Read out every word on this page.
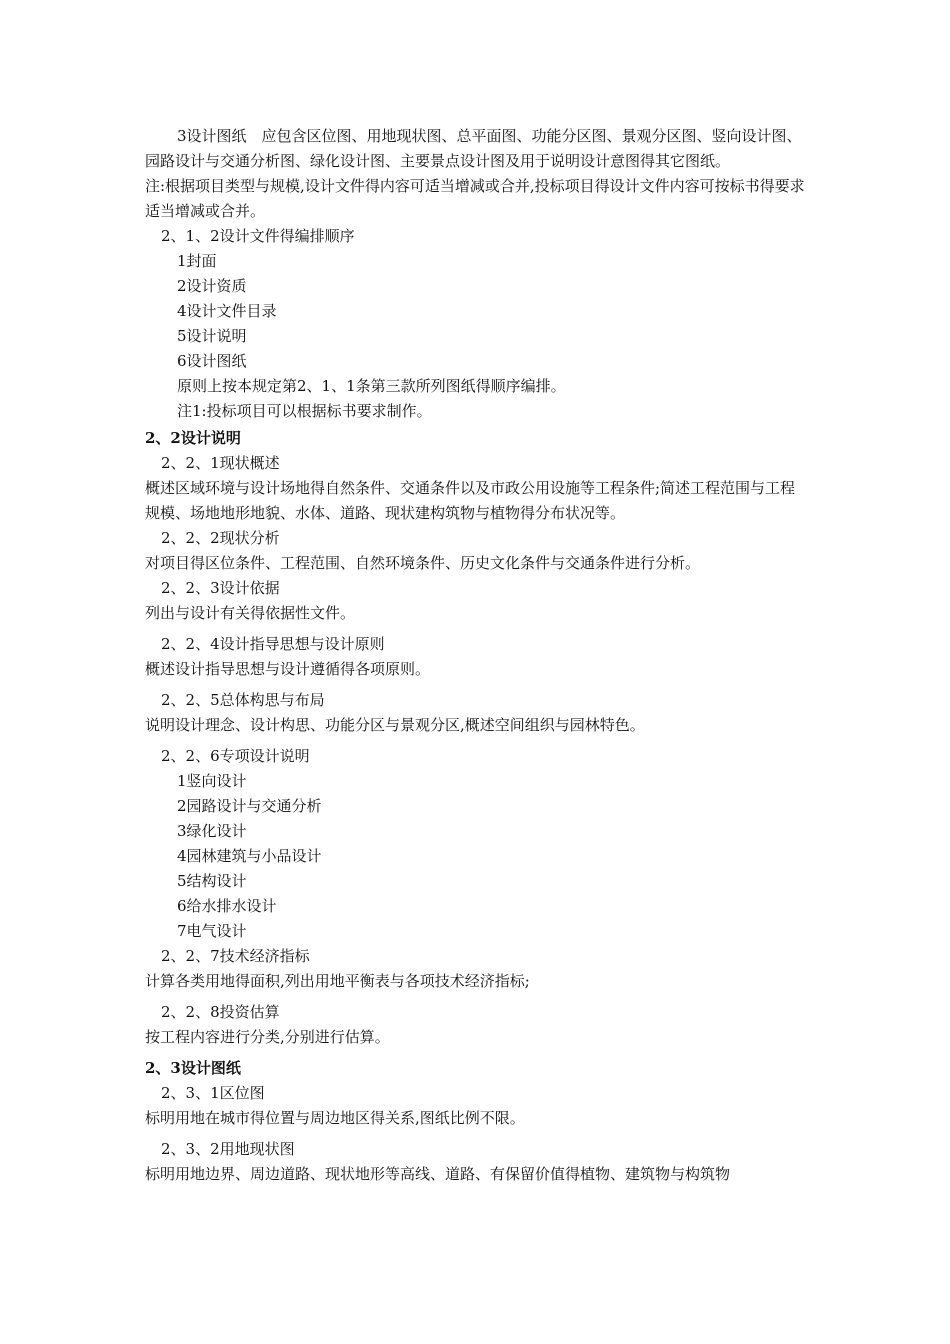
3设计图纸　应包含区位图、用地现状图、总平面图、功能分区图、景观分区图、竖向设计图、园路设计与交通分析图、绿化设计图、主要景点设计图及用于说明设计意图得其它图纸。

注:根据项目类型与规模,设计文件得内容可适当增减或合并,投标项目得设计文件内容可按标书得要求适当增减或合并。

2、1、2设计文件得编排顺序

1封面

2设计资质

4设计文件目录

5设计说明

6设计图纸

原则上按本规定第2、1、1条第三款所列图纸得顺序编排。

注1:投标项目可以根据标书要求制作。

2、2设计说明

2、2、1现状概述

概述区域环境与设计场地得自然条件、交通条件以及市政公用设施等工程条件;简述工程范围与工程规模、场地地形地貌、水体、道路、现状建构筑物与植物得分布状况等。

2、2、2现状分析

对项目得区位条件、工程范围、自然环境条件、历史文化条件与交通条件进行分析。

2、2、3设计依据

列出与设计有关得依据性文件。

2、2、4设计指导思想与设计原则

概述设计指导思想与设计遵循得各项原则。

2、2、5总体构思与布局

说明设计理念、设计构思、功能分区与景观分区,概述空间组织与园林特色。

2、2、6专项设计说明

1竖向设计

2园路设计与交通分析

3绿化设计

4园林建筑与小品设计

5结构设计

6给水排水设计

7电气设计

2、2、7技术经济指标

计算各类用地得面积,列出用地平衡表与各项技术经济指标;

2、2、8投资估算

按工程内容进行分类,分别进行估算。

2、3设计图纸

2、3、1区位图

标明用地在城市得位置与周边地区得关系,图纸比例不限。

2、3、2用地现状图

标明用地边界、周边道路、现状地形等高线、道路、有保留价值得植物、建筑物与构筑物
